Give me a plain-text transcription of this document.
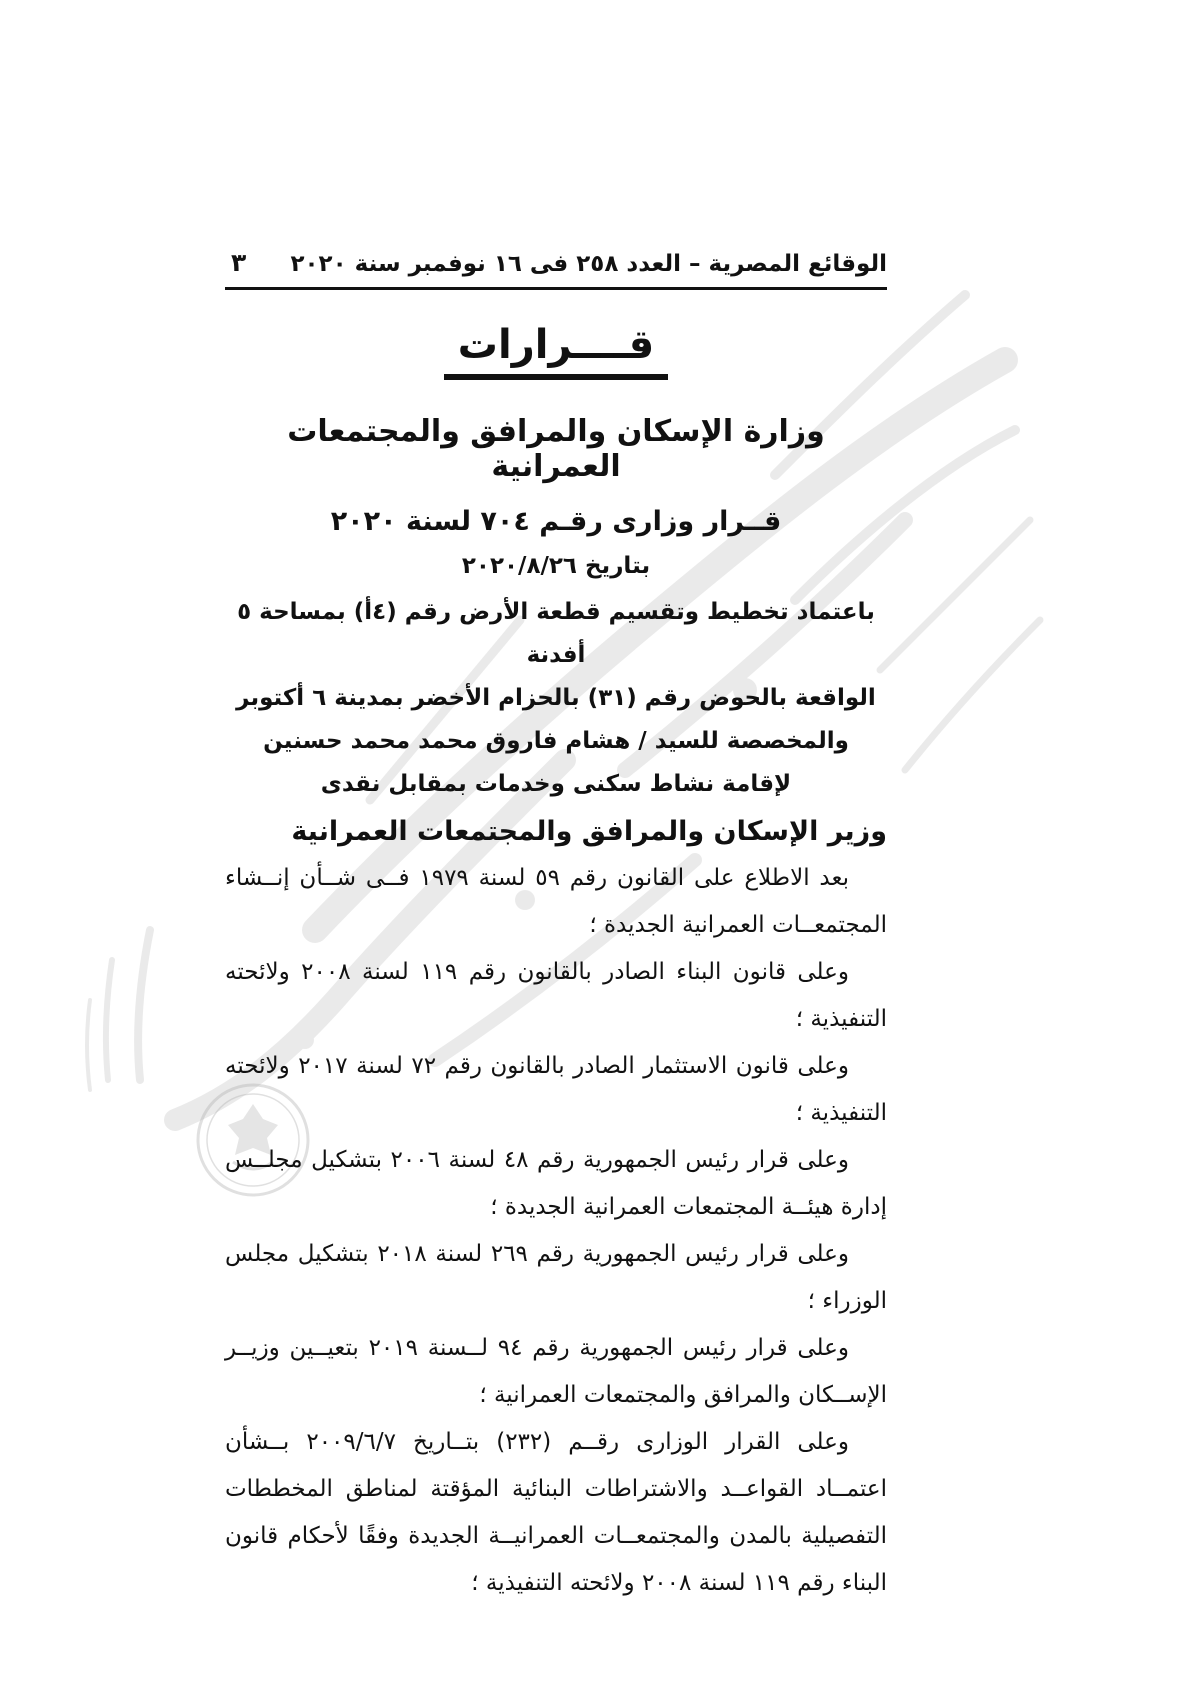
الوقائع المصرية – العدد ٢٥٨ فى ١٦ نوفمبر سنة ٢٠٢٠
٣
قــــرارات
وزارة الإسكان والمرافق والمجتمعات العمرانية
قــرار وزارى رقـم ٧٠٤ لسنة ٢٠٢٠
بتاريخ ٢٠٢٠/٨/٢٦
باعتماد تخطيط وتقسيم قطعة الأرض رقم (٤أ) بمساحة ٥ أفدنة
الواقعة بالحوض رقم (٣١) بالحزام الأخضر بمدينة ٦ أكتوبر
والمخصصة للسيد / هشام فاروق محمد محمد حسنين
لإقامة نشاط سكنى وخدمات بمقابل نقدى
وزير الإسكان والمرافق والمجتمعات العمرانية

بعد الاطلاع على القانون رقم ٥٩ لسنة ١٩٧٩ فــى شــأن إنــشاء المجتمعــات العمرانية الجديدة ؛

وعلى قانون البناء الصادر بالقانون رقم ١١٩ لسنة ٢٠٠٨ ولائحته التنفيذية ؛

وعلى قانون الاستثمار الصادر بالقانون رقم ٧٢ لسنة ٢٠١٧ ولائحته التنفيذية ؛

وعلى قرار رئيس الجمهورية رقم ٤٨ لسنة ٢٠٠٦ بتشكيل مجلــس إدارة هيئــة المجتمعات العمرانية الجديدة ؛

وعلى قرار رئيس الجمهورية رقم ٢٦٩ لسنة ٢٠١٨ بتشكيل مجلس الوزراء ؛

وعلى قرار رئيس الجمهورية رقم ٩٤ لــسنة ٢٠١٩ بتعيــين وزيــر الإســكان والمرافق والمجتمعات العمرانية ؛

وعلى القرار الوزارى رقــم (٢٣٢) بتــاريخ ٢٠٠٩/٦/٧ بــشأن اعتمــاد القواعــد والاشتراطات البنائية المؤقتة لمناطق المخططات التفصيلية بالمدن والمجتمعــات العمرانيــة الجديدة وفقًا لأحكام قانون البناء رقم ١١٩ لسنة ٢٠٠٨ ولائحته التنفيذية ؛
